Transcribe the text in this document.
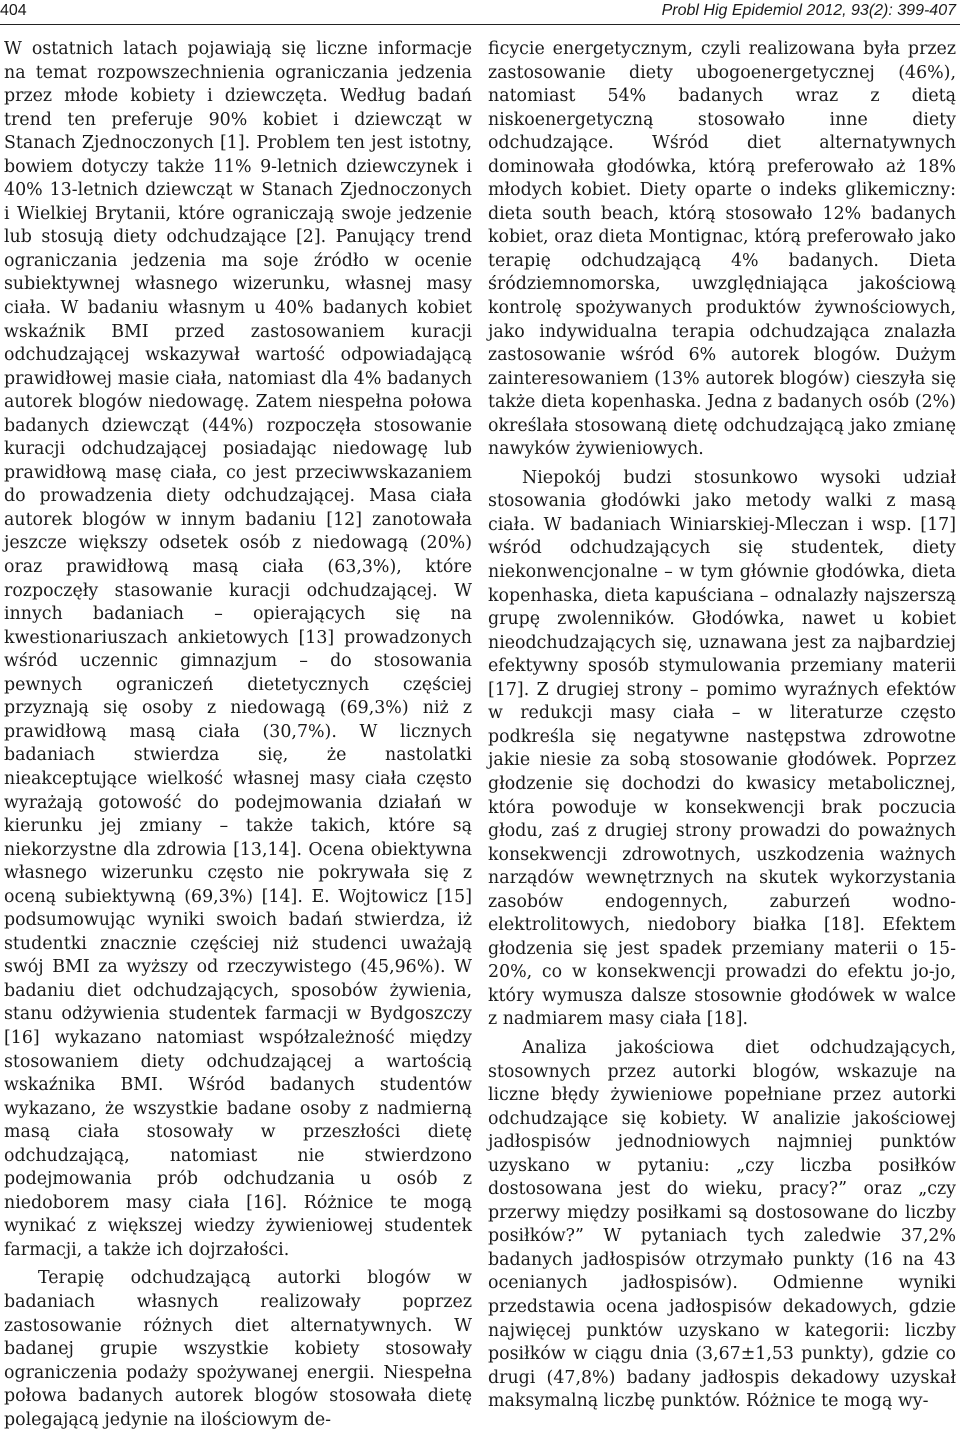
404	Probl Hig Epidemiol 2012, 93(2): 399-407

W ostatnich latach pojawiają się liczne informacje na temat rozpowszechnienia ograniczania jedzenia przez młode kobiety i dziewczęta. Według badań trend ten preferuje 90% kobiet i dziewcząt w Stanach Zjednoczonych [1]. Problem ten jest istotny, bowiem dotyczy także 11% 9-letnich dziewczynek i 40% 13-letnich dziewcząt w Stanach Zjednoczonych i Wielkiej Brytanii, które ograniczają swoje jedzenie lub stosują diety odchudzające [2]. Panujący trend ograniczania jedzenia ma soje źródło w ocenie subiektywnej własnego wizerunku, własnej masy ciała. W badaniu własnym u 40% badanych kobiet wskaźnik BMI przed zastosowaniem kuracji odchudzającej wskazywał wartość odpowiadającą prawidłowej masie ciała, natomiast dla 4% badanych autorek blogów niedowagę. Zatem niespełna połowa badanych dziewcząt (44%) rozpoczęła stosowanie kuracji odchudzającej posiadając niedowagę lub prawidłową masę ciała, co jest przeciwwskazaniem do prowadzenia diety odchudzającej. Masa ciała autorek blogów w innym badaniu [12] zanotowała jeszcze większy odsetek osób z niedowagą (20%) oraz prawidłową masą ciała (63,3%), które rozpoczęły stasowanie kuracji odchudzającej. W innych badaniach – opierających się na kwestionariuszach ankietowych [13] prowadzonych wśród uczennic gimnazjum – do stosowania pewnych ograniczeń dietetycznych częściej przyznają się osoby z niedowagą (69,3%) niż z prawidłową masą ciała (30,7%). W licznych badaniach stwierdza się, że nastolatki nieakceptujące wielkość własnej masy ciała często wyrażają gotowość do podejmowania działań w kierunku jej zmiany – także takich, które są niekorzystne dla zdrowia [13,14]. Ocena obiektywna własnego wizerunku często nie pokrywała się z oceną subiektywną (69,3%) [14]. E. Wojtowicz [15] podsumowując wyniki swoich badań stwierdza, iż studentki znacznie częściej niż studenci uważają swój BMI za wyższy od rzeczywistego (45,96%). W badaniu diet odchudzających, sposobów żywienia, stanu odżywienia studentek farmacji w Bydgoszczy [16] wykazano natomiast współzależność między stosowaniem diety odchudzającej a wartością wskaźnika BMI. Wśród badanych studentów wykazano, że wszystkie badane osoby z nadmierną masą ciała stosowały w przeszłości dietę odchudzającą, natomiast nie stwierdzono podejmowania prób odchudzania u osób z niedoborem masy ciała [16]. Różnice te mogą wynikać z większej wiedzy żywieniowej studentek farmacji, a także ich dojrzałości.

Terapię odchudzającą autorki blogów w badaniach własnych realizowały poprzez zastosowanie różnych diet alternatywnych. W badanej grupie wszystkie kobiety stosowały ograniczenia podaży spożywanej energii. Niespełna połowa badanych autorek blogów stosowała dietę polegającą jedynie na ilościowym de-

ficycie energetycznym, czyli realizowana była przez zastosowanie diety ubogoenergetycznej (46%), natomiast 54% badanych wraz z dietą niskoenergetyczną stosowało inne diety odchudzające. Wśród diet alternatywnych dominowała głodówka, którą preferowało aż 18% młodych kobiet. Diety oparte o indeks glikemiczny: dieta south beach, którą stosowało 12% badanych kobiet, oraz dieta Montignac, którą preferowało jako terapię odchudzającą 4% badanych. Dieta śródziemnomorska, uwzględniająca jakościową kontrolę spożywanych produktów żywnościowych, jako indywidualna terapia odchudzająca znalazła zastosowanie wśród 6% autorek blogów. Dużym zainteresowaniem (13% autorek blogów) cieszyła się także dieta kopenhaska. Jedna z badanych osób (2%) określała stosowaną dietę odchudzającą jako zmianę nawyków żywieniowych.

Niepokój budzi stosunkowo wysoki udział stosowania głodówki jako metody walki z masą ciała. W badaniach Winiarskiej-Mleczan i wsp. [17] wśród odchudzających się studentek, diety niekonwencjonalne – w tym głównie głodówka, dieta kopenhaska, dieta kapuściana – odnalazły najszerszą grupę zwolenników. Głodówka, nawet u kobiet nieodchudzających się, uznawana jest za najbardziej efektywny sposób stymulowania przemiany materii [17]. Z drugiej strony – pomimo wyraźnych efektów w redukcji masy ciała – w literaturze często podkreśla się negatywne następstwa zdrowotne jakie niesie za sobą stosowanie głodówek. Poprzez głodzenie się dochodzi do kwasicy metabolicznej, która powoduje w konsekwencji brak poczucia głodu, zaś z drugiej strony prowadzi do poważnych konsekwencji zdrowotnych, uszkodzenia ważnych narządów wewnętrznych na skutek wykorzystania zasobów endogennych, zaburzeń wodno-elektrolitowych, niedobory białka [18]. Efektem głodzenia się jest spadek przemiany materii o 15-20%, co w konsekwencji prowadzi do efektu jo-jo, który wymusza dalsze stosownie głodówek w walce z nadmiarem masy ciała [18].

Analiza jakościowa diet odchudzających, stosownych przez autorki blogów, wskazuje na liczne błędy żywieniowe popełniane przez autorki odchudzające się kobiety. W analizie jakościowej jadłospisów jednodniowych najmniej punktów uzyskano w pytaniu: „czy liczba posiłków dostosowana jest do wieku, pracy?” oraz „czy przerwy między posiłkami są dostosowane do liczby posiłków?” W pytaniach tych zaledwie 37,2% badanych jadłospisów otrzymało punkty (16 na 43 ocenianych jadłospisów). Odmienne wyniki przedstawia ocena jadłospisów dekadowych, gdzie najwięcej punktów uzyskano w kategorii: liczby posiłków w ciągu dnia (3,67±1,53 punkty), gdzie co drugi (47,8%) badany jadłospis dekadowy uzyskał maksymalną liczbę punktów. Różnice te mogą wy-
